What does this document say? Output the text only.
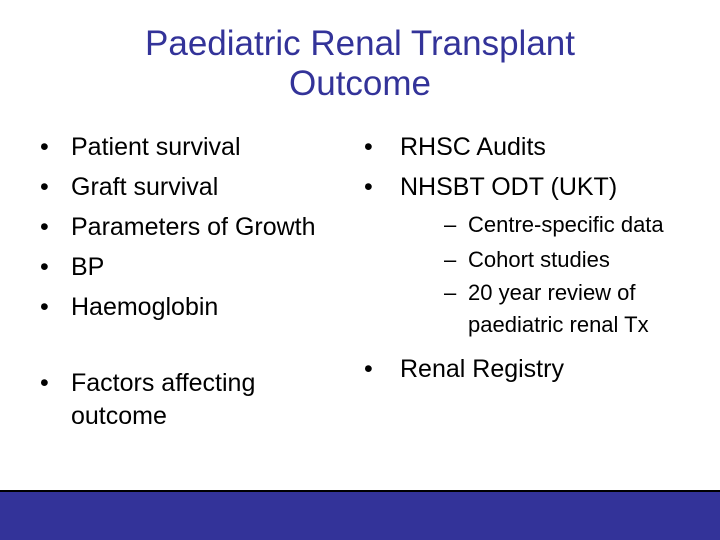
Paediatric Renal Transplant
Outcome
• Patient survival
• Graft survival
• Parameters of Growth
• BP
• Haemoglobin
• Factors affecting
outcome
• RHSC Audits
• NHSBT ODT (UKT)
– Centre-specific data
– Cohort studies
– 20 year review of paediatric renal Tx
• Renal Registry
